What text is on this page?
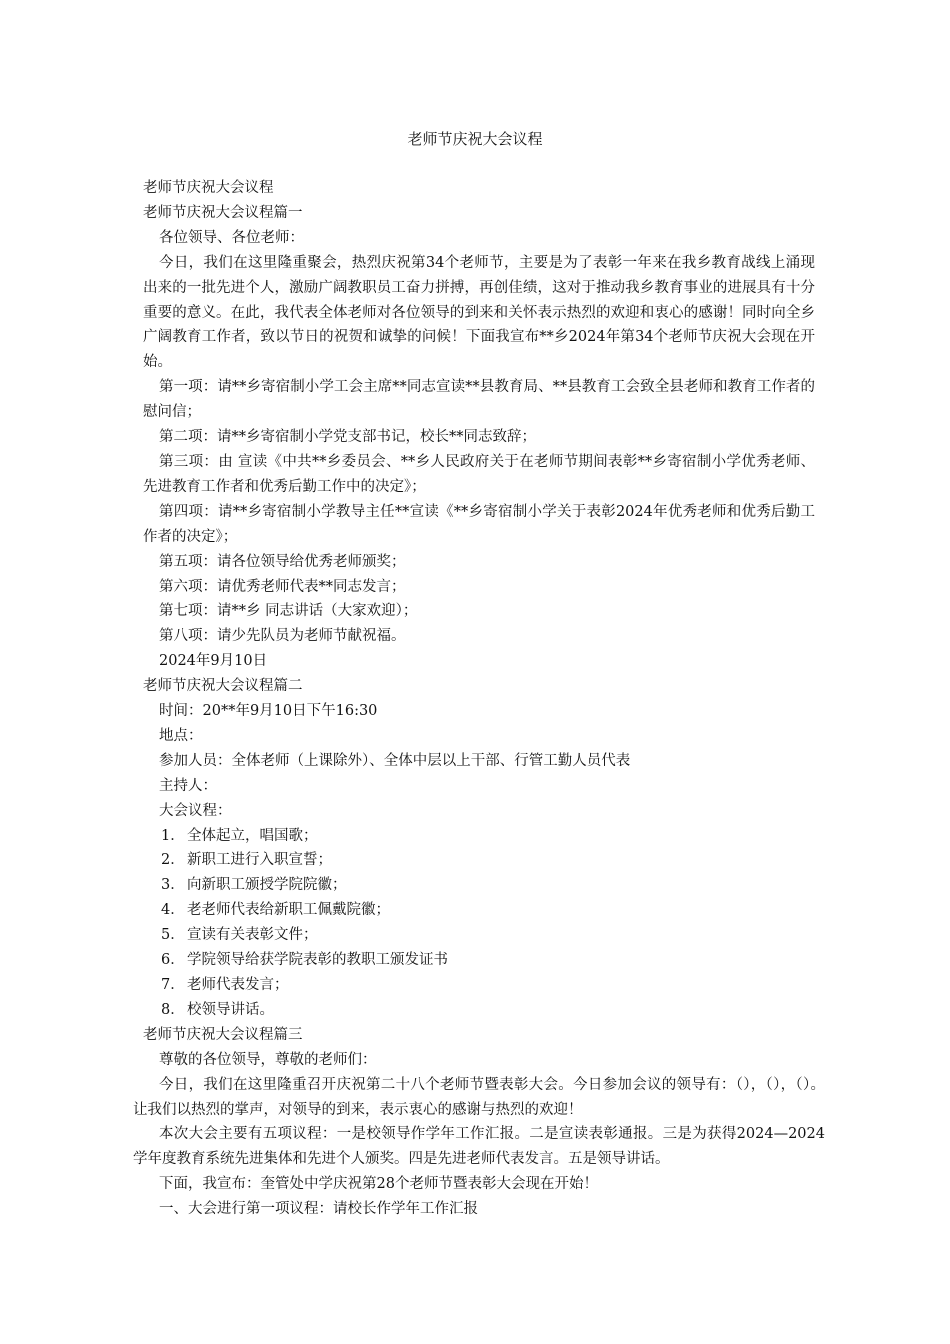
老师节庆祝大会议程

老师节庆祝大会议程

老师节庆祝大会议程篇一

各位领导、各位老师：

今日，我们在这里隆重聚会，热烈庆祝第34个老师节，主要是为了表彰一年来在我乡教育战线上涌现出来的一批先进个人，激励广阔教职员工奋力拼搏，再创佳绩，这对于推动我乡教育事业的进展具有十分重要的意义。在此，我代表全体老师对各位领导的到来和关怀表示热烈的欢迎和衷心的感谢！同时向全乡广阔教育工作者，致以节日的祝贺和诚挚的问候！下面我宣布**乡2024年第34个老师节庆祝大会现在开始。

第一项：请**乡寄宿制小学工会主席**同志宣读**县教育局、**县教育工会致全县老师和教育工作者的慰问信；

第二项：请**乡寄宿制小学党支部书记，校长**同志致辞；

第三项：由 宣读《中共**乡委员会、**乡人民政府关于在老师节期间表彰**乡寄宿制小学优秀老师、先进教育工作者和优秀后勤工作中的决定》；

第四项：请**乡寄宿制小学教导主任**宣读《**乡寄宿制小学关于表彰2024年优秀老师和优秀后勤工作者的决定》；

第五项：请各位领导给优秀老师颁奖；

第六项：请优秀老师代表**同志发言；

第七项：请**乡 同志讲话（大家欢迎）；

第八项：请少先队员为老师节献祝福。

2024年9月10日

老师节庆祝大会议程篇二

时间：20**年9月10日下午16:30

地点：

参加人员：全体老师（上课除外）、全体中层以上干部、行管工勤人员代表

主持人：

大会议程：

1． 全体起立，唱国歌；

2． 新职工进行入职宣誓；

3． 向新职工颁授学院院徽；

4． 老老师代表给新职工佩戴院徽；

5． 宣读有关表彰文件；

6． 学院领导给获学院表彰的教职工颁发证书

7． 老师代表发言；

8． 校领导讲话。

老师节庆祝大会议程篇三

尊敬的各位领导，尊敬的老师们：

今日，我们在这里隆重召开庆祝第二十八个老师节暨表彰大会。今日参加会议的领导有：（），（），（）。让我们以热烈的掌声，对领导的到来，表示衷心的感谢与热烈的欢迎！

本次大会主要有五项议程：一是校领导作学年工作汇报。二是宣读表彰通报。三是为获得2024—2024学年度教育系统先进集体和先进个人颁奖。四是先进老师代表发言。五是领导讲话。

下面，我宣布：奎管处中学庆祝第28个老师节暨表彰大会现在开始！

一、大会进行第一项议程：请校长作学年工作汇报
